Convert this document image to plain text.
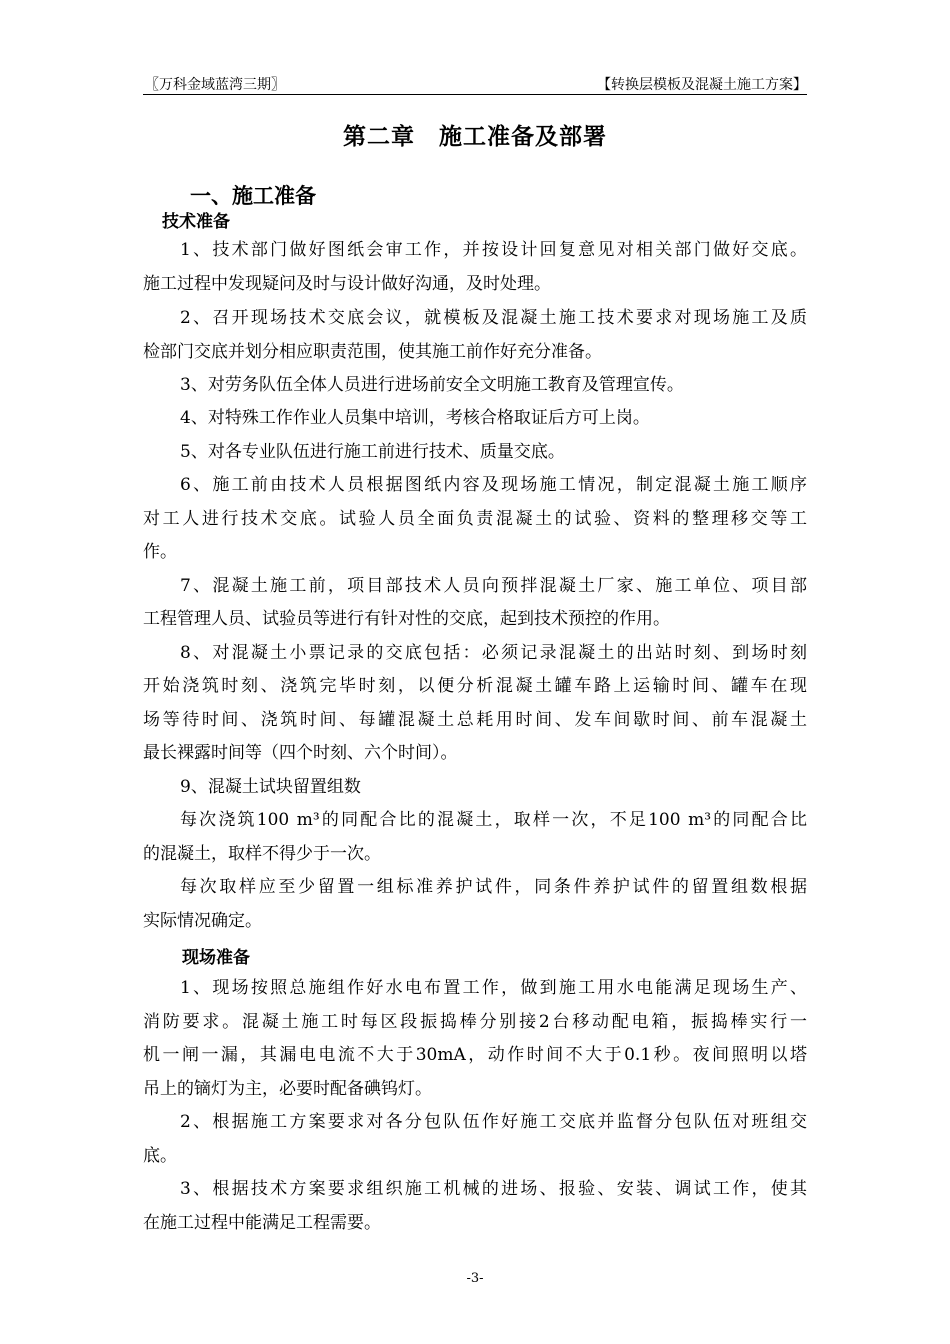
〖万科金域蓝湾三期〗	【转换层模板及混凝土施工方案】
第二章　施工准备及部署
一、施工准备
技术准备
1、技术部门做好图纸会审工作，并按设计回复意见对相关部门做好交底。
施工过程中发现疑问及时与设计做好沟通，及时处理。
2、召开现场技术交底会议，就模板及混凝土施工技术要求对现场施工及质
检部门交底并划分相应职责范围，使其施工前作好充分准备。
3、对劳务队伍全体人员进行进场前安全文明施工教育及管理宣传。
4、对特殊工作作业人员集中培训，考核合格取证后方可上岗。
5、对各专业队伍进行施工前进行技术、质量交底。
6、施工前由技术人员根据图纸内容及现场施工情况，制定混凝土施工顺序
对工人进行技术交底。试验人员全面负责混凝土的试验、资料的整理移交等工
作。
7、混凝土施工前，项目部技术人员向预拌混凝土厂家、施工单位、项目部
工程管理人员、试验员等进行有针对性的交底，起到技术预控的作用。
8、对混凝土小票记录的交底包括：必须记录混凝土的出站时刻、到场时刻
开始浇筑时刻、浇筑完毕时刻，以便分析混凝土罐车路上运输时间、罐车在现
场等待时间、浇筑时间、每罐混凝土总耗用时间、发车间歇时间、前车混凝土
最长裸露时间等（四个时刻、六个时间）。
9、混凝土试块留置组数
每次浇筑100 m³的同配合比的混凝土，取样一次，不足100 m³的同配合比
的混凝土，取样不得少于一次。
每次取样应至少留置一组标准养护试件，同条件养护试件的留置组数根据
实际情况确定。
现场准备
1、现场按照总施组作好水电布置工作，做到施工用水电能满足现场生产、
消防要求。混凝土施工时每区段振捣棒分别接2台移动配电箱，振捣棒实行一
机一闸一漏，其漏电电流不大于30mA，动作时间不大于0.1秒。夜间照明以塔
吊上的镝灯为主，必要时配备碘钨灯。
2、根据施工方案要求对各分包队伍作好施工交底并监督分包队伍对班组交
底。
3、根据技术方案要求组织施工机械的进场、报验、安装、调试工作，使其
在施工过程中能满足工程需要。
-3-
